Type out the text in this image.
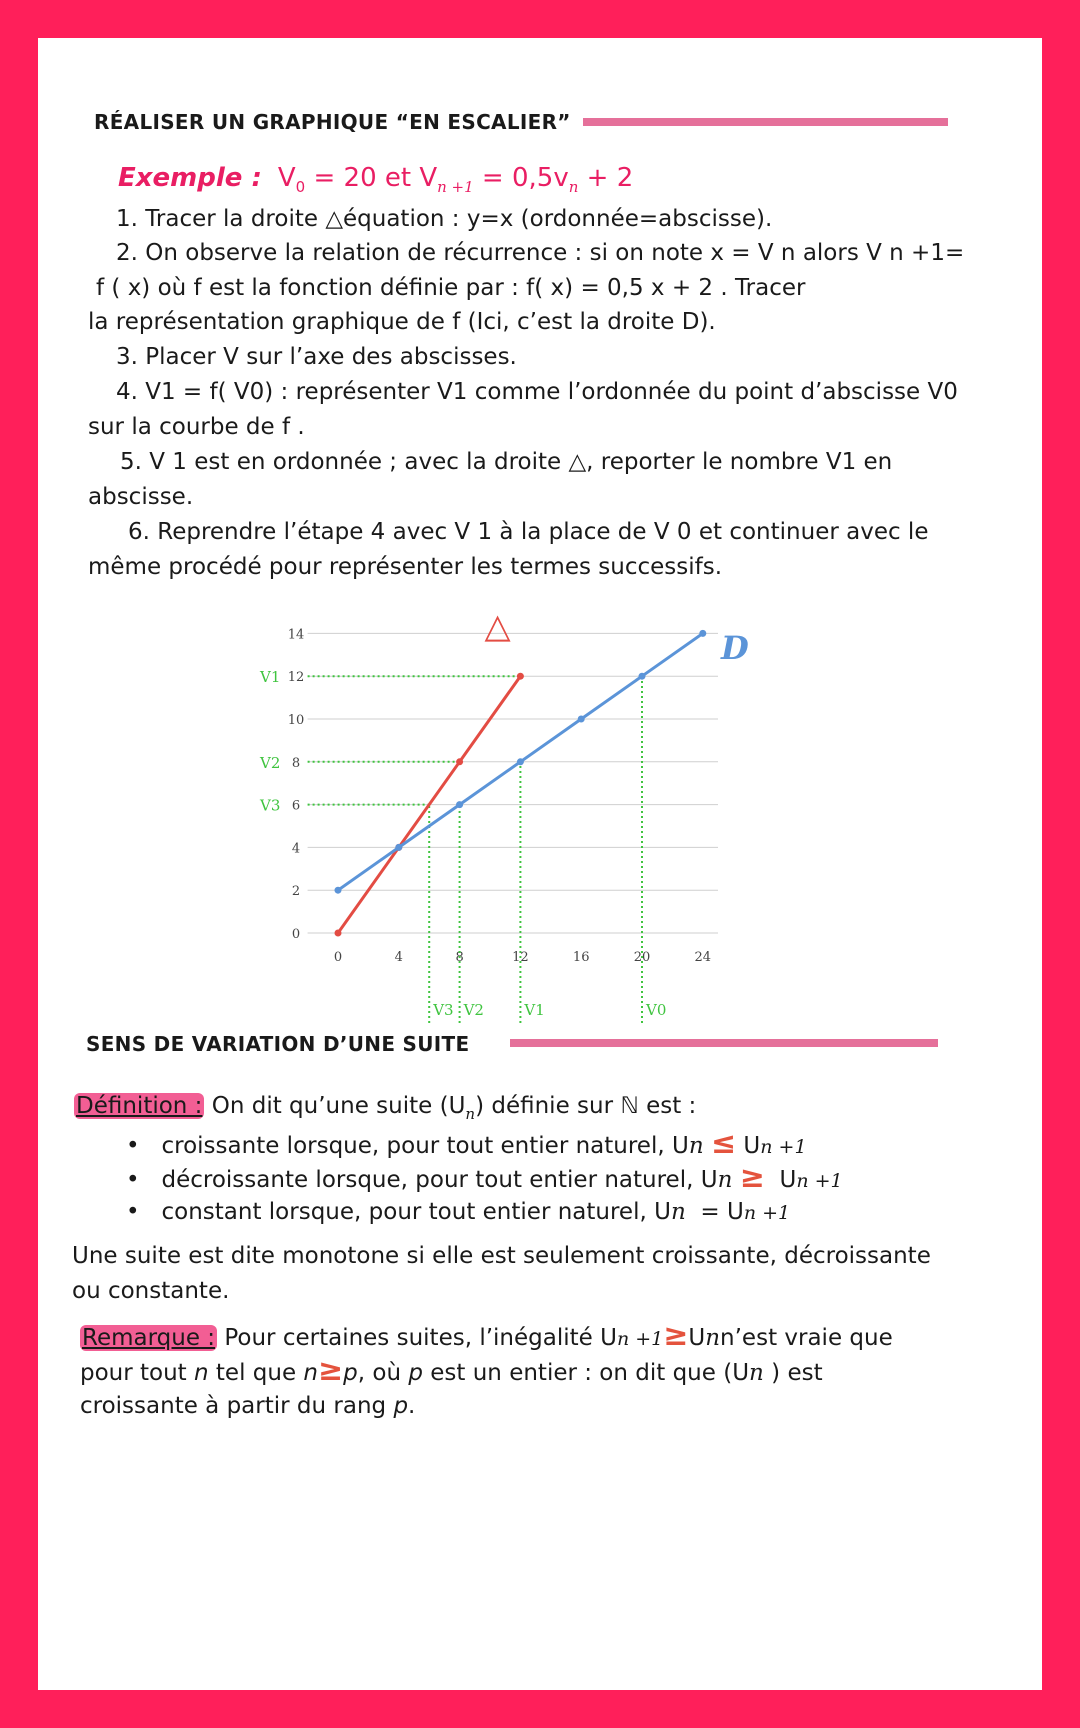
RÉALISER UN GRAPHIQUE “EN ESCALIER”
Exemple : $V_0 = 20$ et $V_{n +1} = 0,5v_n + 2$
1. Tracer la droite △équation : y=x (ordonnée=abscisse).
2. On observe la relation de récurrence : si on note x = V n alors V n +1=
f ( x) où f est la fonction définie par : f( x) = 0,5 x + 2 . Tracer
la représentation graphique de f (Ici, c’est la droite D).
3. Placer V sur l’axe des abscisses.
4. V1 = f( V0) : représenter V1 comme l’ordonnée du point d’abscisse V0
sur la courbe de f .
5. V 1 est en ordonnée ; avec la droite △, reporter le nombre V1 en
abscisse.
6. Reprendre l’étape 4 avec V 1 à la place de V 0 et continuer avec le
même procédé pour représenter les termes successifs.
0
2
4
6
8
10
12
14
0	4	8	12	16	20	24
V1
V2
V3
V3 V2	V1	V0
△
D
SENS DE VARIATION D’UNE SUITE
Définition : On dit qu’une suite $(U_n)$ définie sur ℕ est :
•   croissante lorsque, pour tout entier naturel, Un ≤ Un +1
•   décroissante lorsque, pour tout entier naturel, Un ≥  Un +1
•   constant lorsque, pour tout entier naturel, Un = Un +1
Une suite est dite monotone si elle est seulement croissante, décroissante
ou constante.
Remarque : Pour certaines suites, l’inégalité Un +1≥Unn’est vraie que
pour tout n tel que n≥p, où p est un entier : on dit que (Un ) est
croissante à partir du rang p.
